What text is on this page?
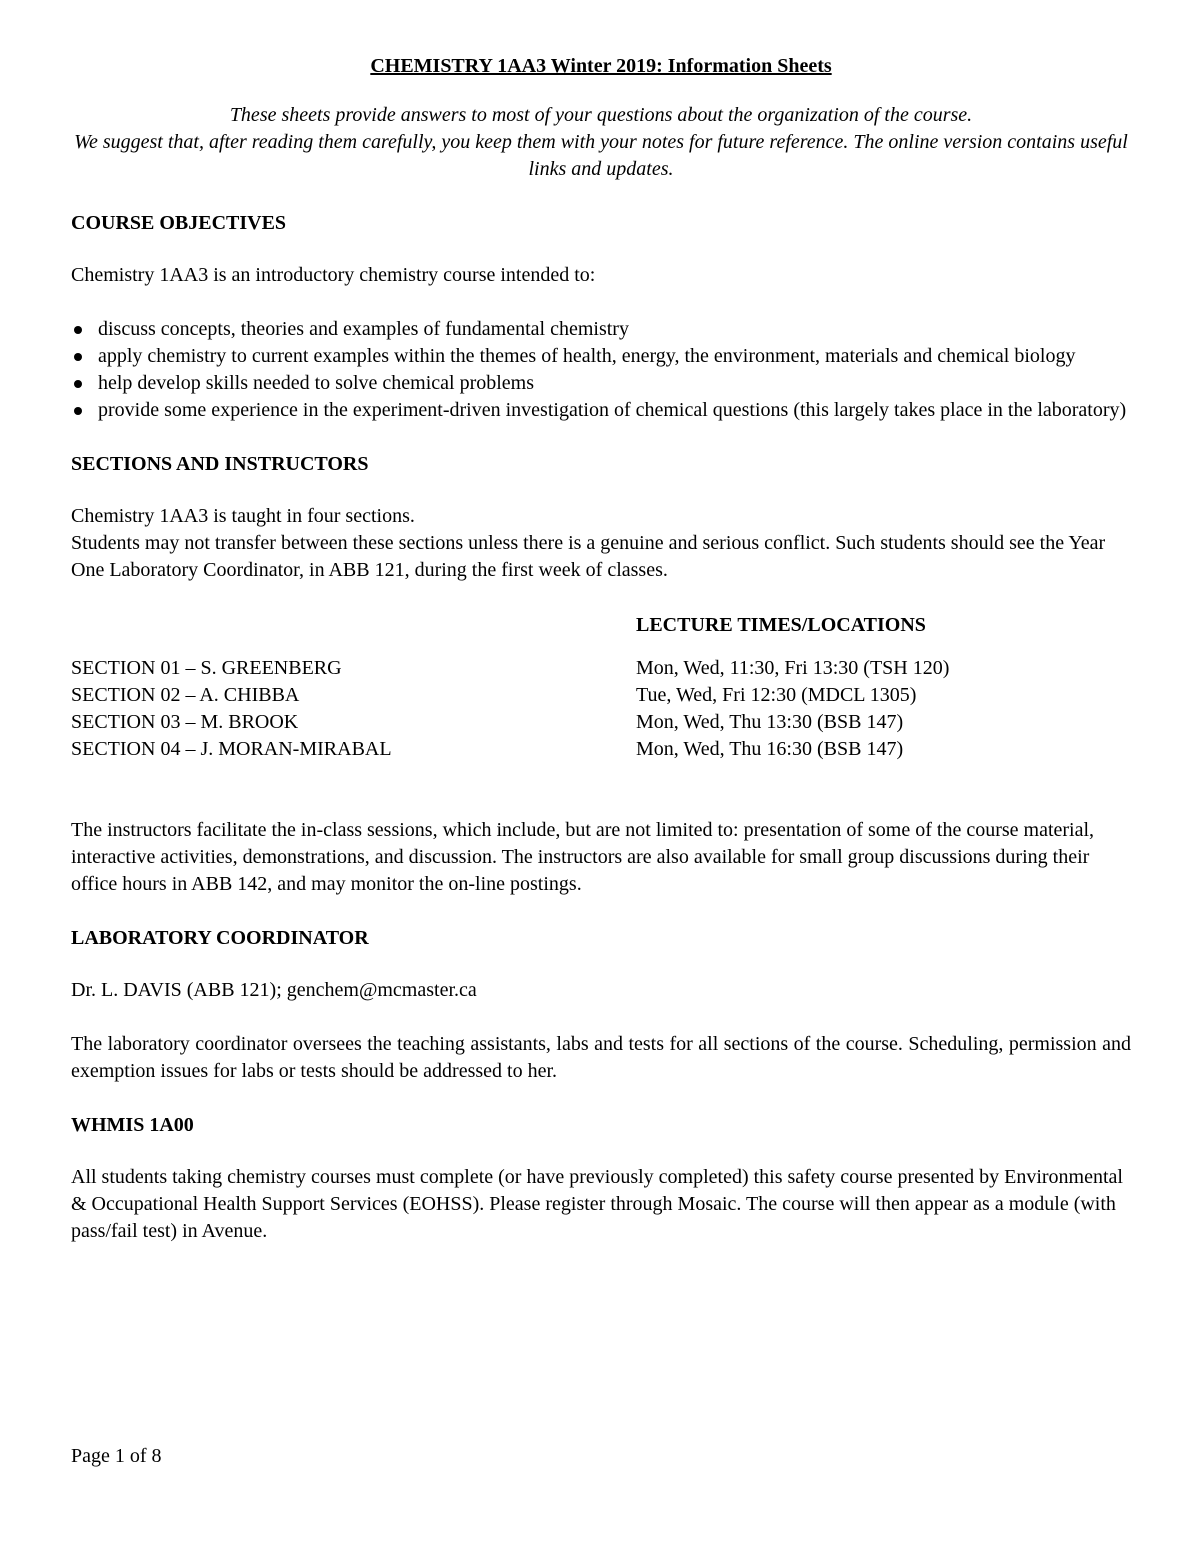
CHEMISTRY 1AA3 Winter 2019: Information Sheets

These sheets provide answers to most of your questions about the organization of the course.

We suggest that, after reading them carefully, you keep them with your notes for future reference. The online version contains useful links and updates.

COURSE OBJECTIVES

Chemistry 1AA3 is an introductory chemistry course intended to:

discuss concepts, theories and examples of fundamental chemistry
apply chemistry to current examples within the themes of health, energy, the environment, materials and chemical biology
help develop skills needed to solve chemical problems
provide some experience in the experiment-driven investigation of chemical questions (this largely takes place in the laboratory)
SECTIONS AND INSTRUCTORS

Chemistry 1AA3 is taught in four sections.

Students may not transfer between these sections unless there is a genuine and serious conflict. Such students should see the Year One Laboratory Coordinator, in ABB 121, during the first week of classes.

LECTURE TIMES/LOCATIONS
SECTION 01 – S. GREENBERG	Mon, Wed, 11:30, Fri 13:30 (TSH 120)
SECTION 02 – A. CHIBBA	Tue, Wed, Fri 12:30 (MDCL 1305)
SECTION 03 – M. BROOK	Mon, Wed, Thu 13:30 (BSB 147)
SECTION 04 – J. MORAN-MIRABAL	Mon, Wed, Thu 16:30 (BSB 147)

The instructors facilitate the in-class sessions, which include, but are not limited to: presentation of some of the course material, interactive activities, demonstrations, and discussion. The instructors are also available for small group discussions during their office hours in ABB 142, and may monitor the on-line postings.

LABORATORY COORDINATOR

Dr. L. DAVIS (ABB 121); genchem@mcmaster.ca

The laboratory coordinator oversees the teaching assistants, labs and tests for all sections of the course. Scheduling, permission and exemption issues for labs or tests should be addressed to her.

WHMIS 1A00

All students taking chemistry courses must complete (or have previously completed) this safety course presented by Environmental & Occupational Health Support Services (EOHSS). Please register through Mosaic. The course will then appear as a module (with pass/fail test) in Avenue.

Page 1 of 8
